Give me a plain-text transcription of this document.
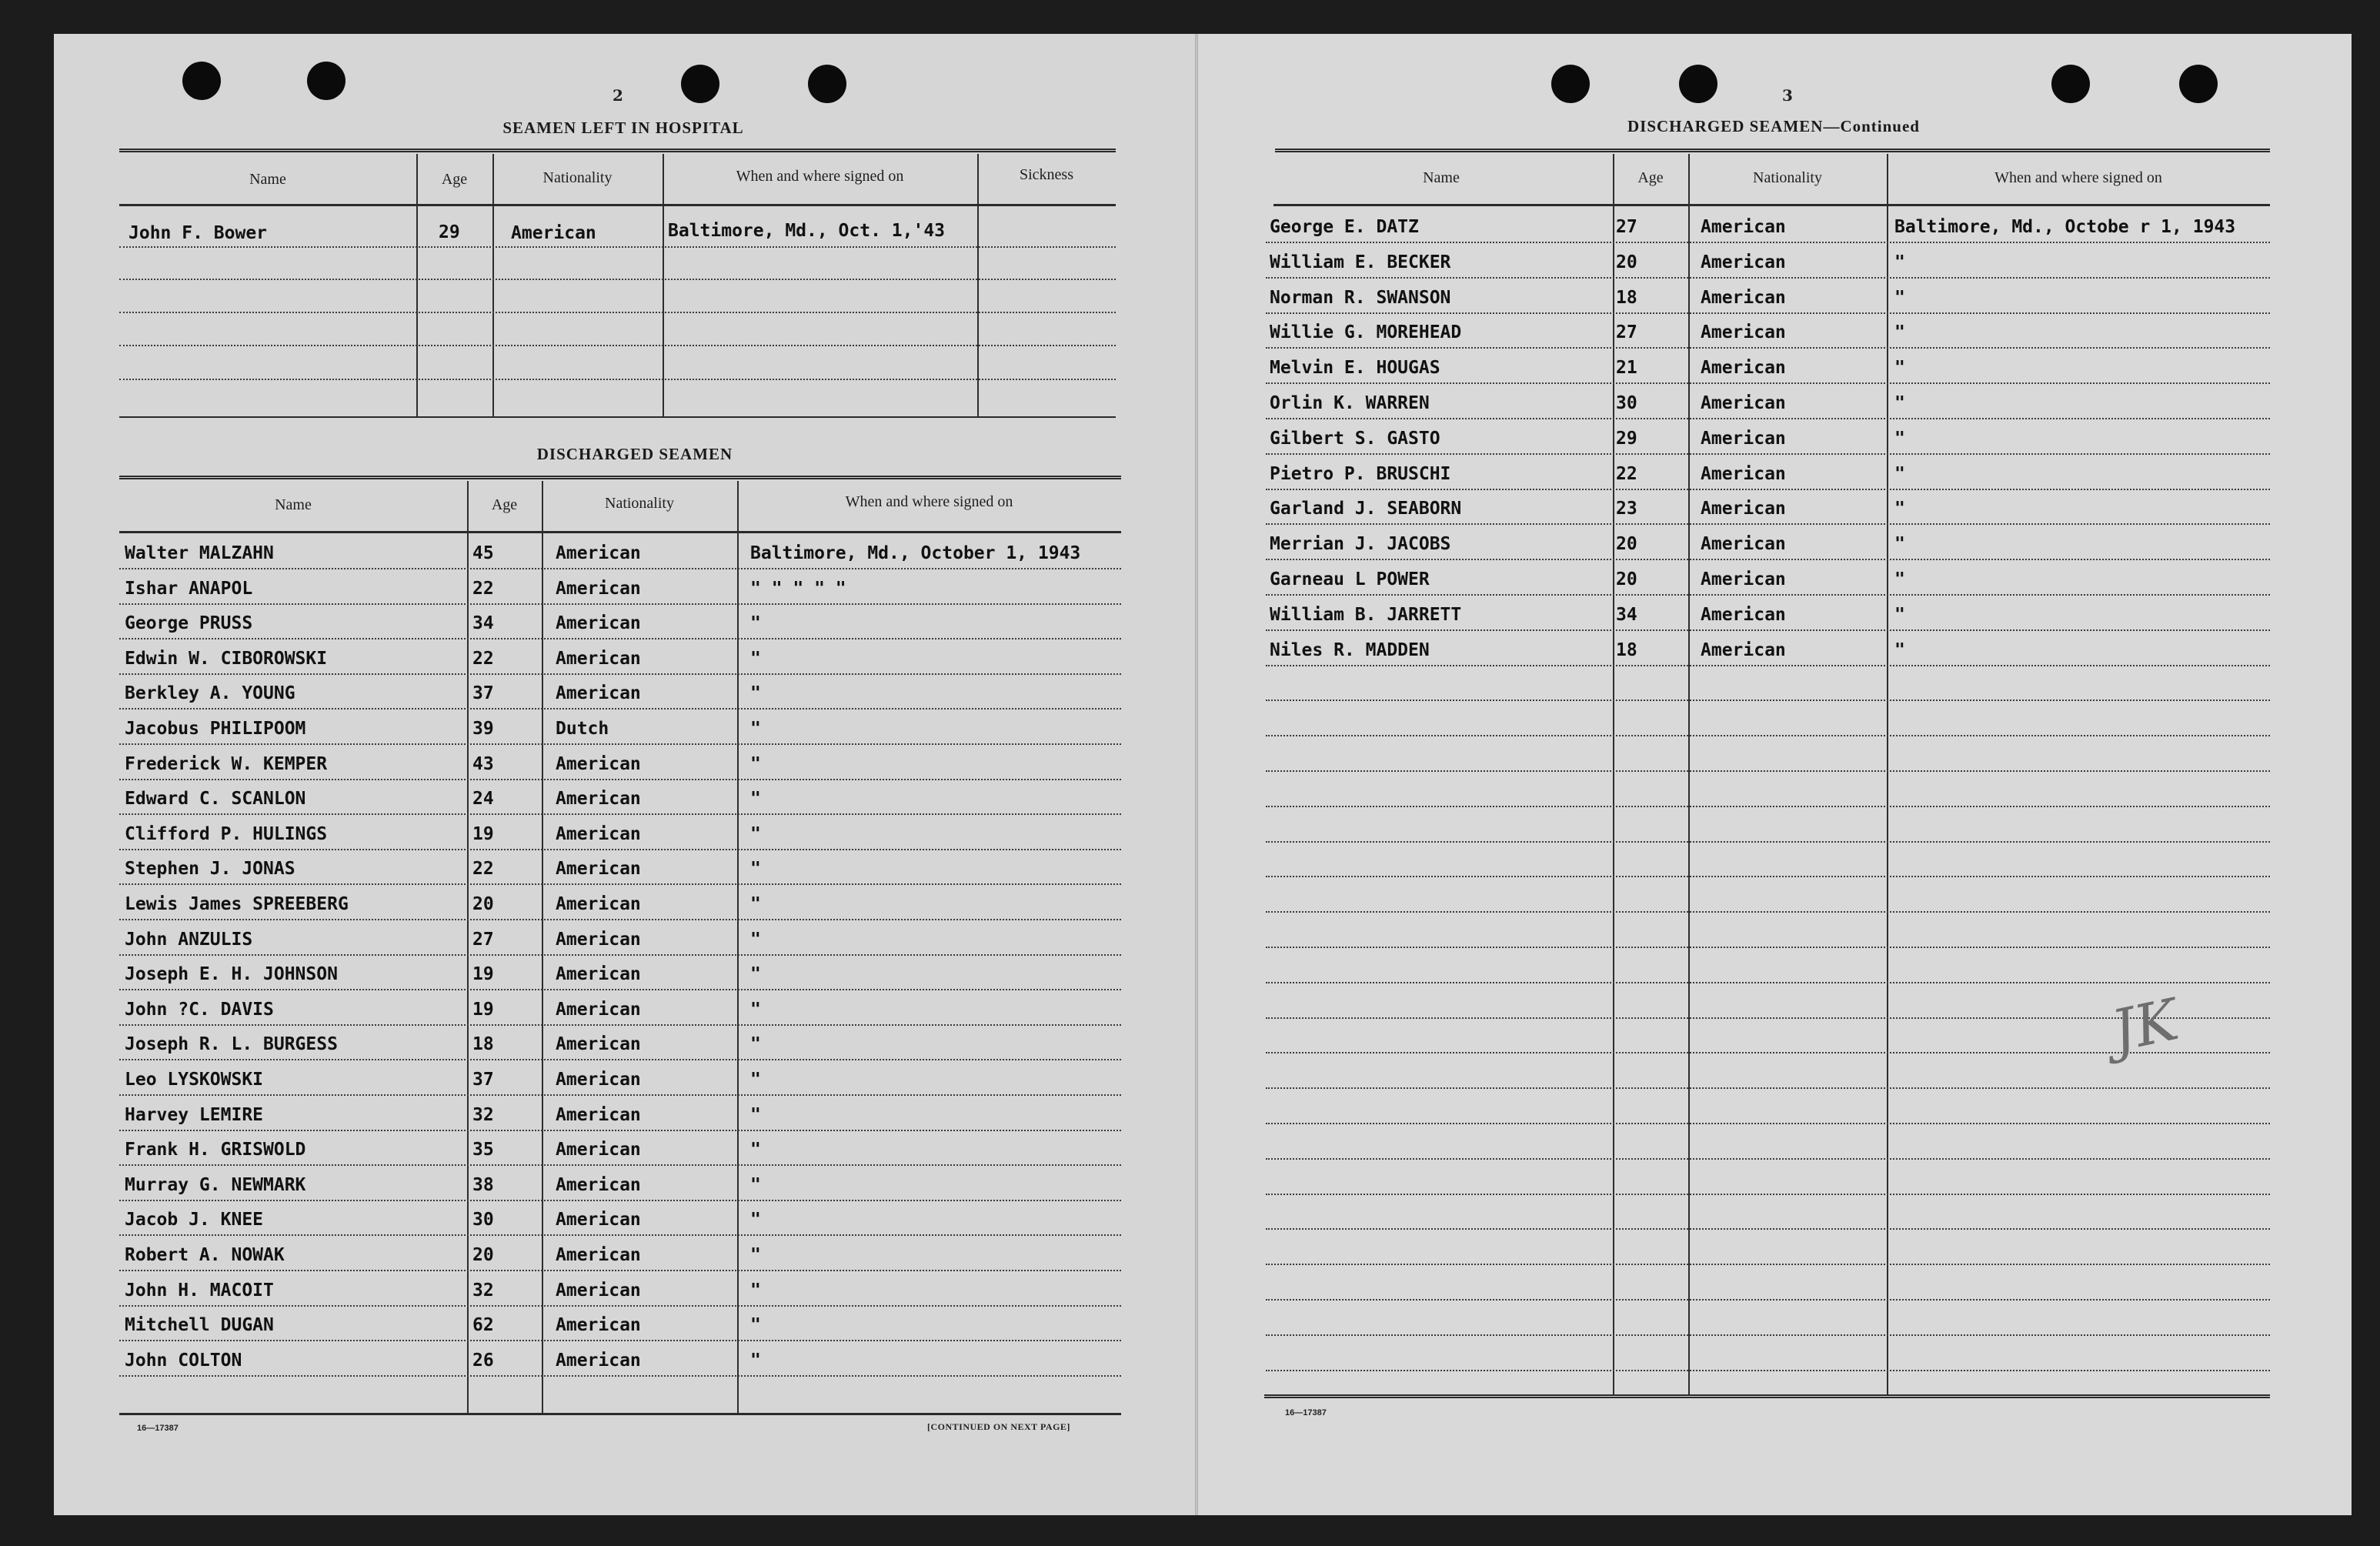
2
SEAMEN LEFT IN HOSPITAL
Name	Age	Nationality	When and where signed on	Sickness
John F. Bower	29	American	Baltimore, Md., Oct. 1,'43
DISCHARGED SEAMEN
Name	Age	Nationality	When and where signed on
Walter MALZAHN	45	American	Baltimore, Md., October 1, 1943
Ishar ANAPOL	22	American	" " " " "
George PRUSS	34	American	"
Edwin W. CIBOROWSKI	22	American	"
Berkley A. YOUNG	37	American	"
Jacobus PHILIPOOM	39	Dutch	"
Frederick W. KEMPER	43	American	"
Edward C. SCANLON	24	American	"
Clifford P. HULINGS	19	American	"
Stephen J. JONAS	22	American	"
Lewis James SPREEBERG	20	American	"
John ANZULIS	27	American	"
Joseph E. H. JOHNSON	19	American	"
John ?C. DAVIS	19	American	"
Joseph R. L. BURGESS	18	American	"
Leo LYSKOWSKI	37	American	"
Harvey LEMIRE	32	American	"
Frank H. GRISWOLD	35	American	"
Murray G. NEWMARK	38	American	"
Jacob J. KNEE	30	American	"
Robert A. NOWAK	20	American	"
John H. MACOIT	32	American	"
Mitchell DUGAN	62	American	"
John COLTON	26	American	"
16—17387	[CONTINUED ON NEXT PAGE]
3
DISCHARGED SEAMEN—Continued
Name	Age	Nationality	When and where signed on
George E. DATZ	27	American	Baltimore, Md., Octobe r 1, 1943
William E. BECKER	20	American	"
Norman R. SWANSON	18	American	"
Willie G. MOREHEAD	27	American	"
Melvin E. HOUGAS	21	American	"
Orlin K. WARREN	30	American	"
Gilbert S. GASTO	29	American	"
Pietro P. BRUSCHI	22	American	"
Garland J. SEABORN	23	American	"
Merrian J. JACOBS	20	American	"
Garneau L POWER	20	American	"
William B. JARRETT	34	American	"
Niles R. MADDEN	18	American	"
16—17387
JK
